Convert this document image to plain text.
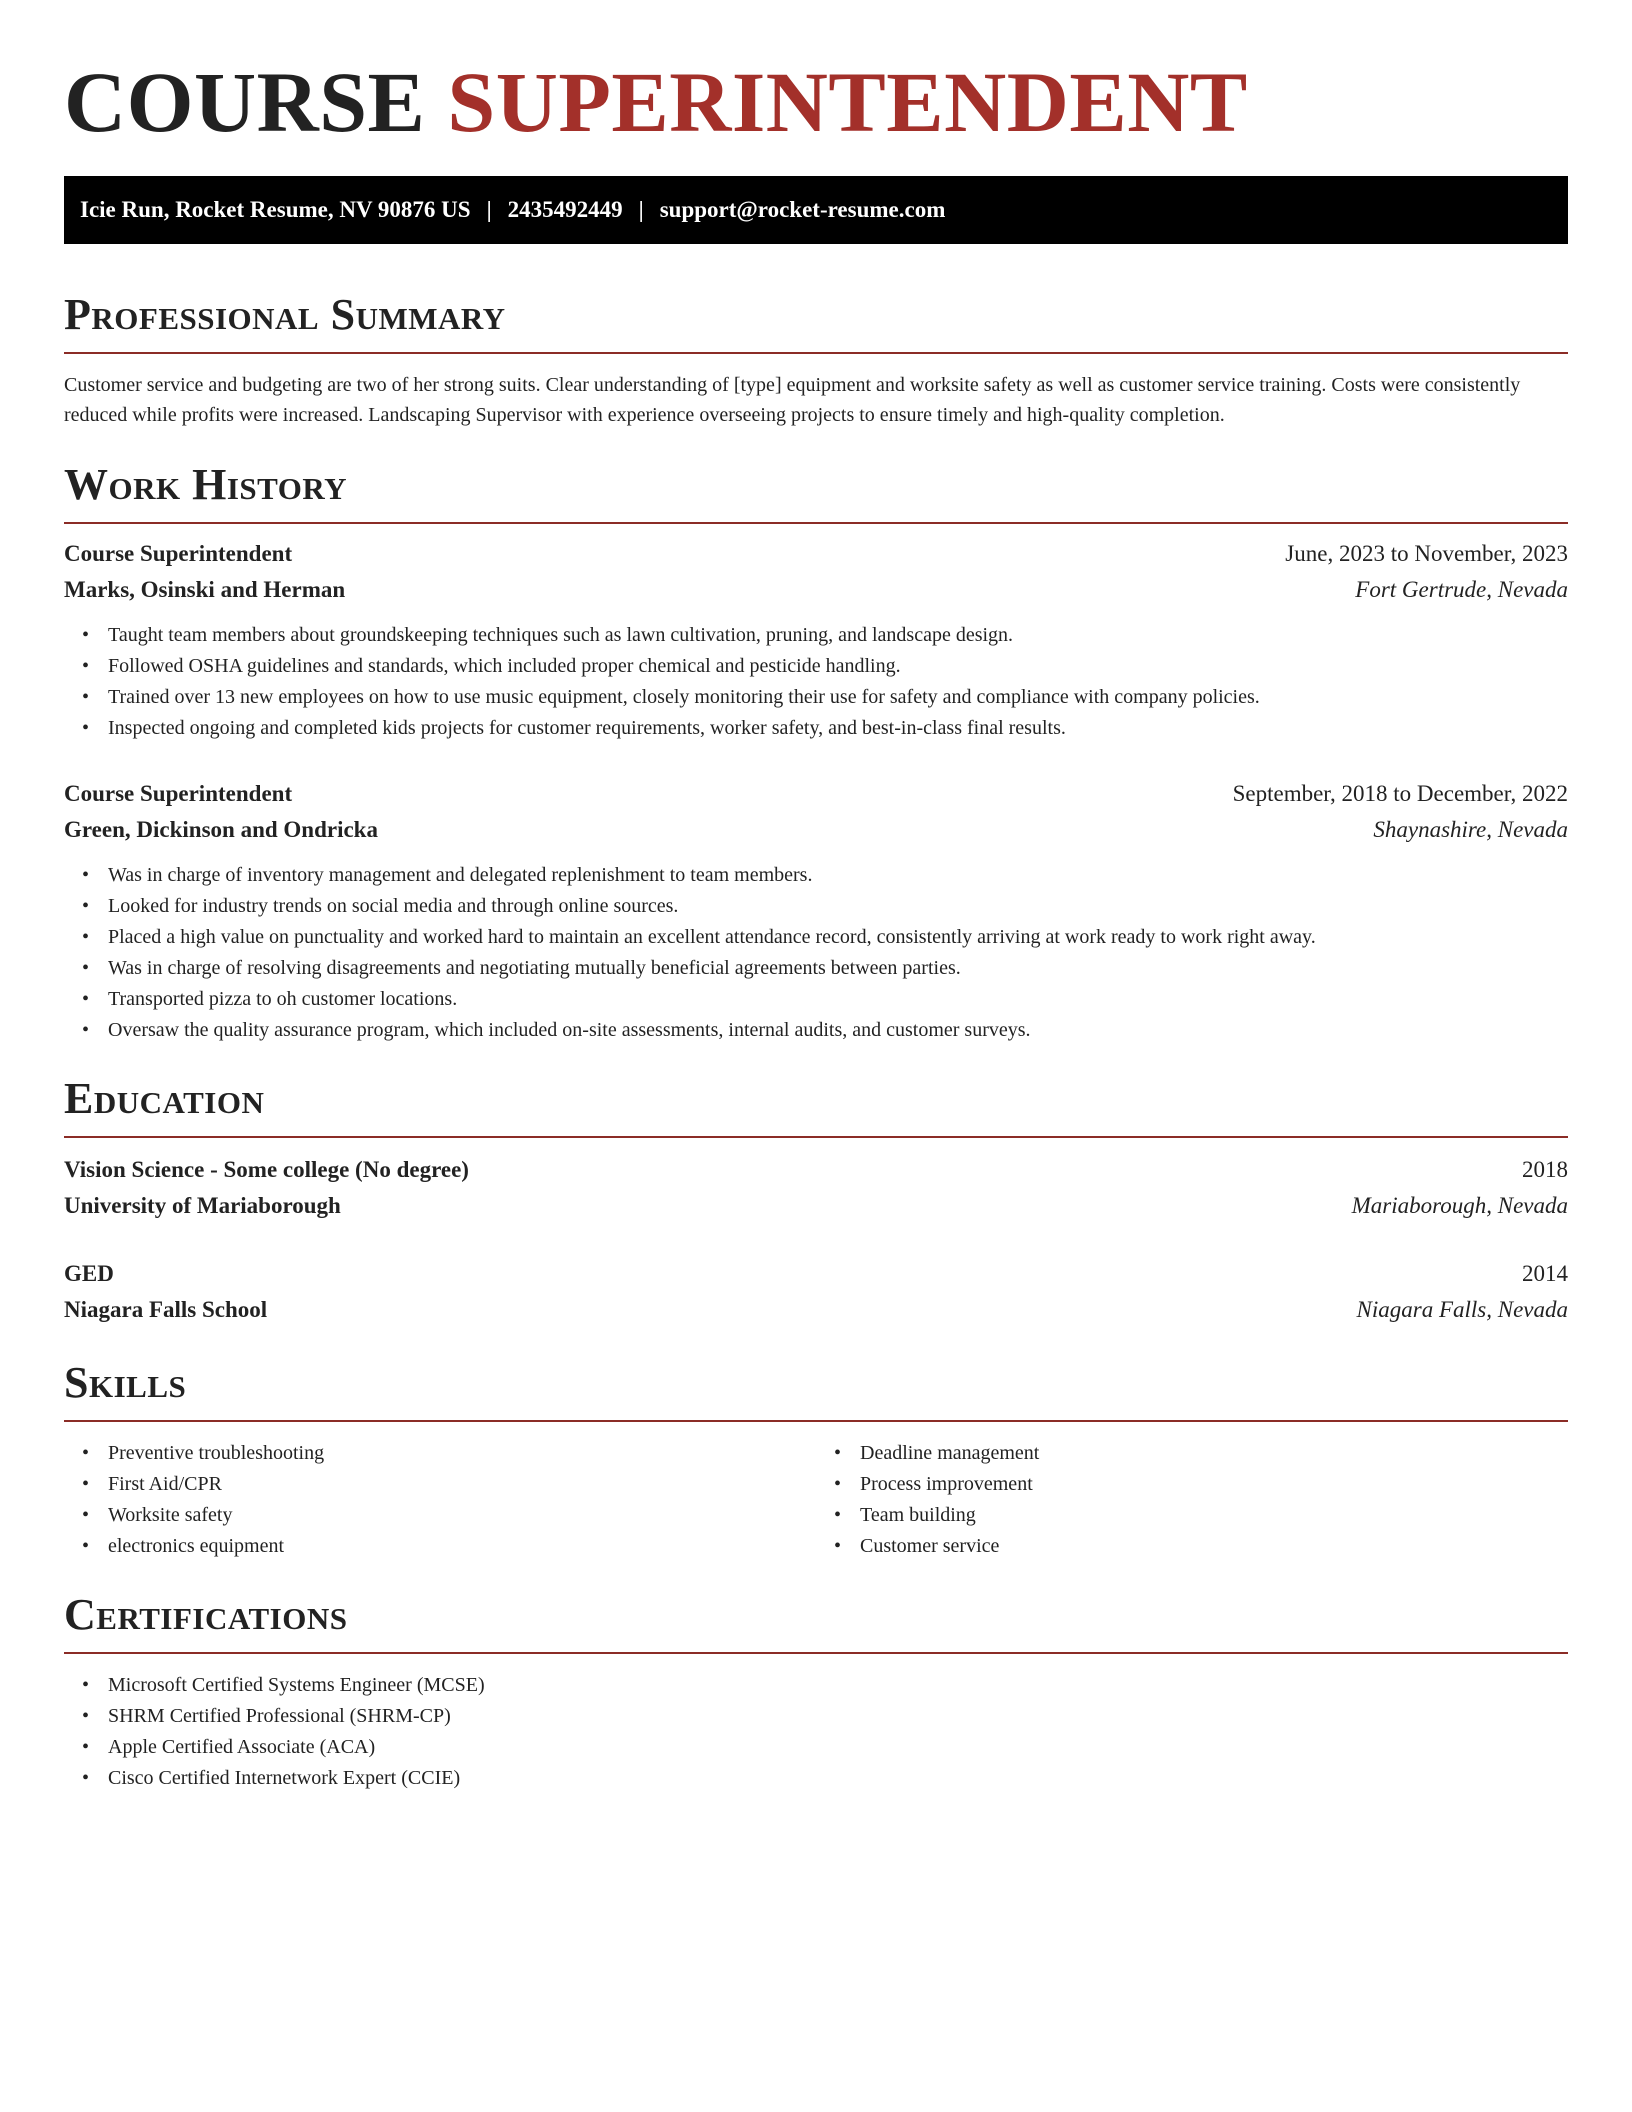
COURSE SUPERINTENDENT
Icie Run, Rocket Resume, NV 90876 US | 2435492449 | support@rocket-resume.com
Professional Summary

Customer service and budgeting are two of her strong suits. Clear understanding of [type] equipment and worksite safety as well as customer service training. Costs were consistently reduced while profits were increased. Landscaping Supervisor with experience overseeing projects to ensure timely and high-quality completion.

Work History
Course Superintendent	June, 2023 to November, 2023
Marks, Osinski and Herman	Fort Gertrude, Nevada
• Taught team members about groundskeeping techniques such as lawn cultivation, pruning, and landscape design.
• Followed OSHA guidelines and standards, which included proper chemical and pesticide handling.
• Trained over 13 new employees on how to use music equipment, closely monitoring their use for safety and compliance with company policies.
• Inspected ongoing and completed kids projects for customer requirements, worker safety, and best-in-class final results.
Course Superintendent	September, 2018 to December, 2022
Green, Dickinson and Ondricka	Shaynashire, Nevada
• Was in charge of inventory management and delegated replenishment to team members.
• Looked for industry trends on social media and through online sources.
• Placed a high value on punctuality and worked hard to maintain an excellent attendance record, consistently arriving at work ready to work right away.
• Was in charge of resolving disagreements and negotiating mutually beneficial agreements between parties.
• Transported pizza to oh customer locations.
• Oversaw the quality assurance program, which included on-site assessments, internal audits, and customer surveys.
Education
Vision Science - Some college (No degree)	2018
University of Mariaborough	Mariaborough, Nevada
GED	2014
Niagara Falls School	Niagara Falls, Nevada
Skills
• Preventive troubleshooting
• First Aid/CPR
• Worksite safety
• electronics equipment
• Deadline management
• Process improvement
• Team building
• Customer service
Certifications
• Microsoft Certified Systems Engineer (MCSE)
• SHRM Certified Professional (SHRM-CP)
• Apple Certified Associate (ACA)
• Cisco Certified Internetwork Expert (CCIE)
